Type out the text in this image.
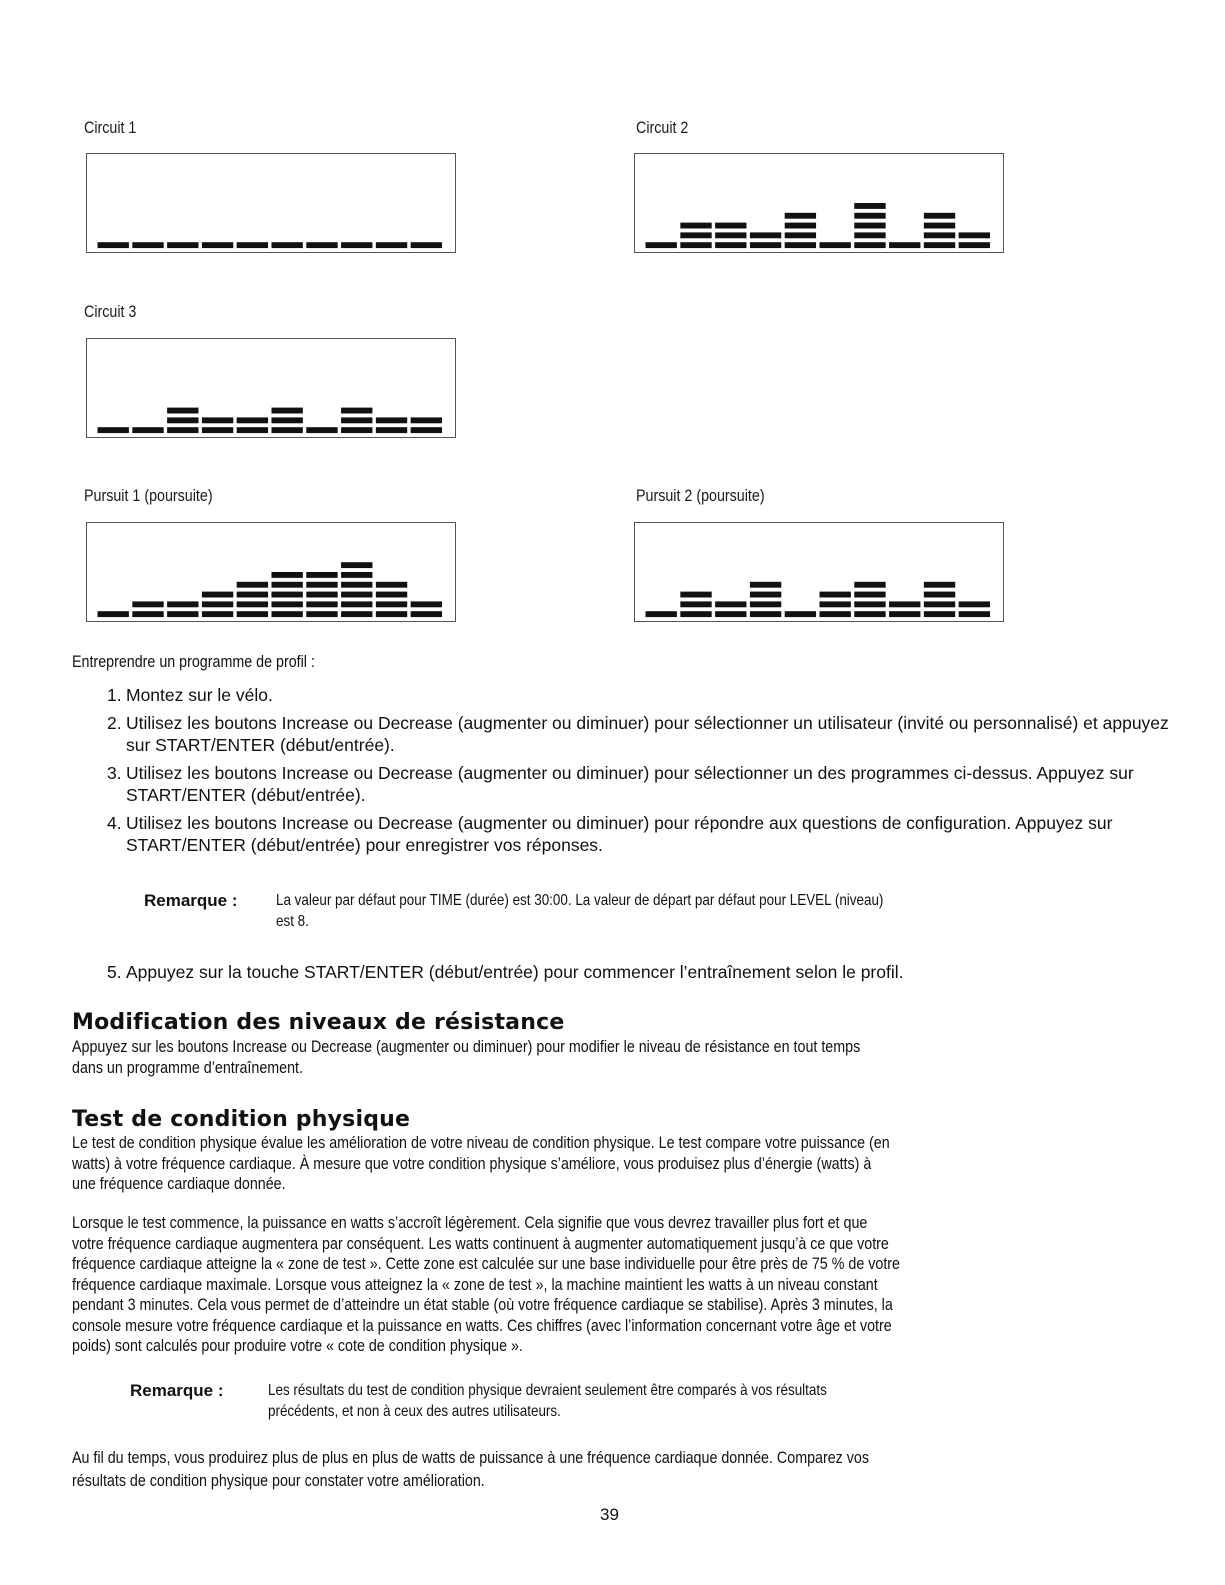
Circuit 1	Circuit 2
Circuit 3
Pursuit 1 (poursuite)	Pursuit 2 (poursuite)
Entreprendre un programme de profil :
1. Montez sur le vélo.
2. Utilisez les boutons Increase ou Decrease (augmenter ou diminuer) pour sélectionner un utilisateur (invité ou personnalisé) et appuyez sur START/ENTER (début/entrée).
3. Utilisez les boutons Increase ou Decrease (augmenter ou diminuer) pour sélectionner un des programmes ci-dessus. Appuyez sur START/ENTER (début/entrée).
4. Utilisez les boutons Increase ou Decrease (augmenter ou diminuer) pour répondre aux questions de configuration. Appuyez sur START/ENTER (début/entrée) pour enregistrer vos réponses.
Remarque : La valeur par défaut pour TIME (durée) est 30:00. La valeur de départ par défaut pour LEVEL (niveau)
est 8.
5. Appuyez sur la touche START/ENTER (début/entrée) pour commencer l’entraînement selon le profil.
Modification des niveaux de résistance
Appuyez sur les boutons Increase ou Decrease (augmenter ou diminuer) pour modifier le niveau de résistance en tout temps
dans un programme d’entraînement.
Test de condition physique
Le test de condition physique évalue les amélioration de votre niveau de condition physique. Le test compare votre puissance (en
watts) à votre fréquence cardiaque. À mesure que votre condition physique s’améliore, vous produisez plus d’énergie (watts) à
une fréquence cardiaque donnée.
Lorsque le test commence, la puissance en watts s’accroît légèrement. Cela signifie que vous devrez travailler plus fort et que
votre fréquence cardiaque augmentera par conséquent. Les watts continuent à augmenter automatiquement jusqu’à ce que votre
fréquence cardiaque atteigne la « zone de test ». Cette zone est calculée sur une base individuelle pour être près de 75 % de votre
fréquence cardiaque maximale. Lorsque vous atteignez la « zone de test », la machine maintient les watts à un niveau constant
pendant 3 minutes. Cela vous permet de d’atteindre un état stable (où votre fréquence cardiaque se stabilise). Après 3 minutes, la
console mesure votre fréquence cardiaque et la puissance en watts. Ces chiffres (avec l’information concernant votre âge et votre
poids) sont calculés pour produire votre « cote de condition physique ».
Remarque :	Les résultats du test de condition physique devraient seulement être comparés à vos résultats
précédents, et non à ceux des autres utilisateurs.
Au fil du temps, vous produirez plus de plus en plus de watts de puissance à une fréquence cardiaque donnée. Comparez vos
résultats de condition physique pour constater votre amélioration.
39
